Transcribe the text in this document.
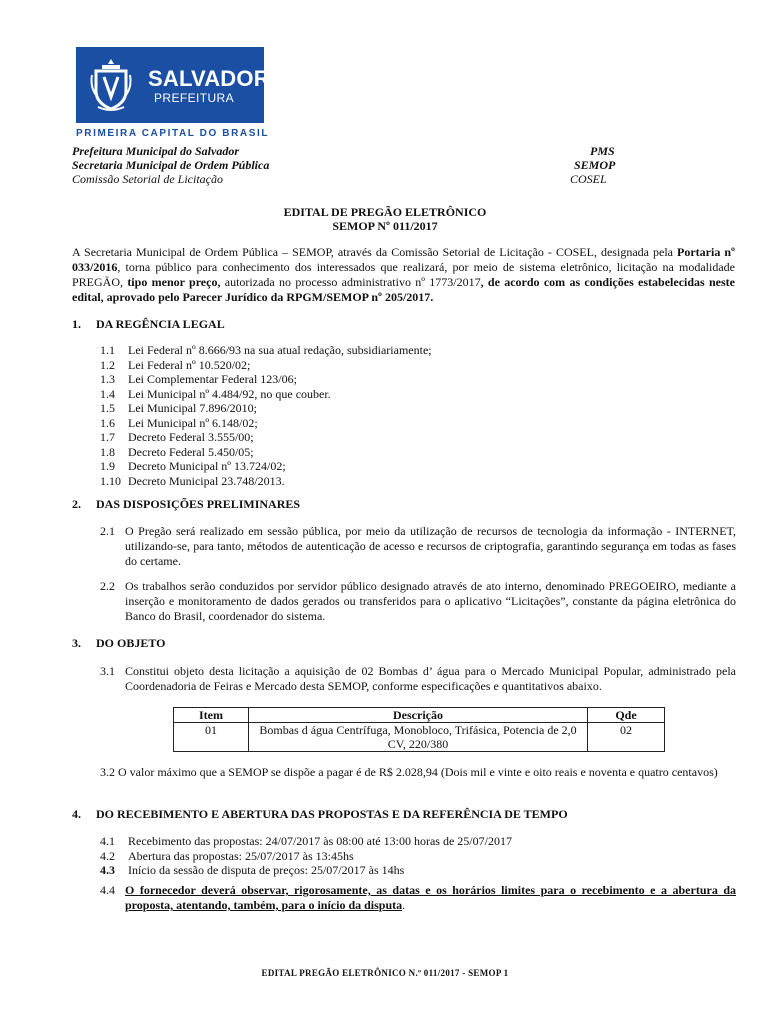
SALVADOR
PREFEITURA
PRIMEIRA CAPITAL DO BRASIL
Prefeitura Municipal do Salvador
Secretaria Municipal de Ordem Pública
Comissão Setorial de Licitação
PMS
SEMOP
COSEL
EDITAL DE PREGÃO ELETRÔNICO
SEMOP Nº 011/2017

A Secretaria Municipal de Ordem Pública – SEMOP, através da Comissão Setorial de Licitação - COSEL, designada pela Portaria nº 033/2016, torna público para conhecimento dos interessados que realizará, por meio de sistema eletrônico, licitação na modalidade PREGÃO, tipo menor preço, autorizada no processo administrativo nº 1773/2017, de acordo com as condições estabelecidas neste edital, aprovado pelo Parecer Jurídico da RPGM/SEMOP nº 205/2017.

1. DA REGÊNCIA LEGAL
1.1 Lei Federal nº 8.666/93 na sua atual redação, subsidiariamente;
1.2 Lei Federal nº 10.520/02;
1.3 Lei Complementar Federal 123/06;
1.4 Lei Municipal nº 4.484/92, no que couber.
1.5 Lei Municipal 7.896/2010;
1.6 Lei Municipal nº 6.148/02;
1.7 Decreto Federal 3.555/00;
1.8 Decreto Federal 5.450/05;
1.9 Decreto Municipal nº 13.724/02;
1.10 Decreto Municipal 23.748/2013.
2. DAS DISPOSIÇÕES PRELIMINARES
2.1 O Pregão será realizado em sessão pública, por meio da utilização de recursos de tecnologia da informação - INTERNET, utilizando-se, para tanto, métodos de autenticação de acesso e recursos de criptografia, garantindo segurança em todas as fases do certame.
2.2 Os trabalhos serão conduzidos por servidor público designado através de ato interno, denominado PREGOEIRO, mediante a inserção e monitoramento de dados gerados ou transferidos para o aplicativo “Licitações”, constante da página eletrônica do Banco do Brasil, coordenador do sistema.
3. DO OBJETO
3.1 Constitui objeto desta licitação a aquisição de 02 Bombas d’ água para o Mercado Municipal Popular, administrado pela Coordenadoria de Feiras e Mercado desta SEMOP, conforme especificações e quantitativos abaixo.
Item	Descrição	Qde
01	Bombas d água Centrífuga, Monobloco, Trifásica, Potencia de 2,0 CV, 220/380	02

3.2 O valor máximo que a SEMOP se dispõe a pagar é de R$ 2.028,94 (Dois mil e vinte e oito reais e noventa e quatro centavos)

4. DO RECEBIMENTO E ABERTURA DAS PROPOSTAS E DA REFERÊNCIA DE TEMPO
4.1 Recebimento das propostas: 24/07/2017 às 08:00 até 13:00 horas de 25/07/2017
4.2 Abertura das propostas: 25/07/2017 às 13:45hs
4.3 Início da sessão de disputa de preços: 25/07/2017 às 14hs
4.4 O fornecedor deverá observar, rigorosamente, as datas e os horários limites para o recebimento e a abertura da proposta, atentando, também, para o início da disputa.
EDITAL PREGÃO ELETRÔNICO N.º 011/2017 - SEMOP 1
